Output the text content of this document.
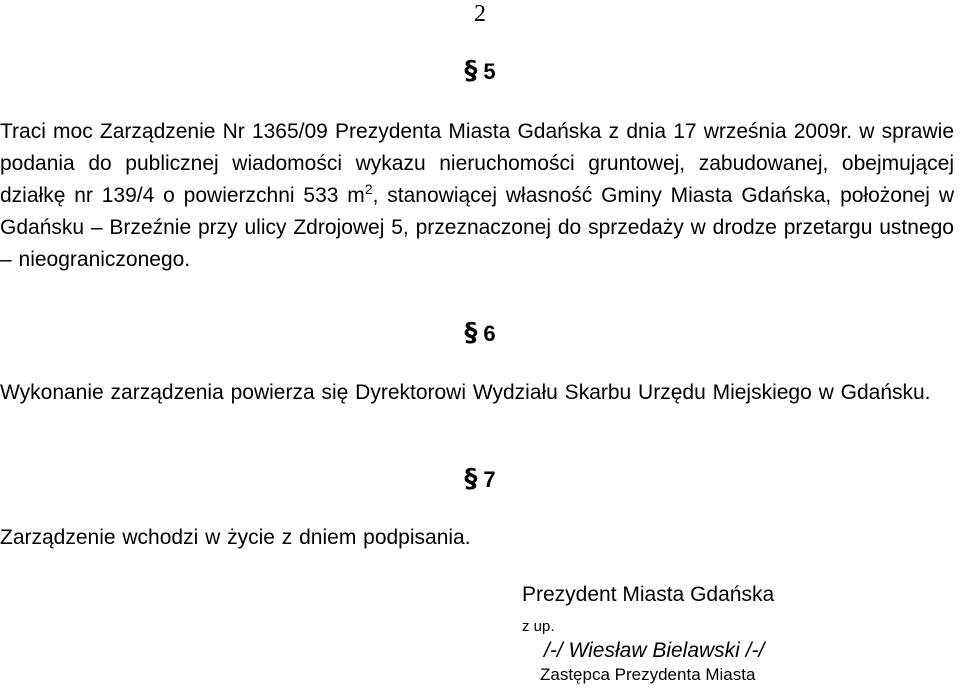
2
§ 5
Traci moc Zarządzenie Nr 1365/09 Prezydenta Miasta Gdańska z dnia 17 września 2009r. w sprawie podania do publicznej wiadomości wykazu nieruchomości gruntowej, zabudowanej, obejmującej działkę nr 139/4 o powierzchni 533 $m^2$, stanowiącej własność Gminy Miasta Gdańska, położonej w Gdańsku – Brzeźnie przy ulicy Zdrojowej 5, przeznaczonej do sprzedaży w drodze przetargu ustnego – nieograniczonego.
§ 6
Wykonanie zarządzenia powierza się Dyrektorowi Wydziału Skarbu Urzędu Miejskiego w Gdańsku.
§ 7
Zarządzenie wchodzi w życie z dniem podpisania.
Prezydent Miasta Gdańska
z up.
/-/ Wiesław Bielawski /-/
Zastępca Prezydenta Miasta
